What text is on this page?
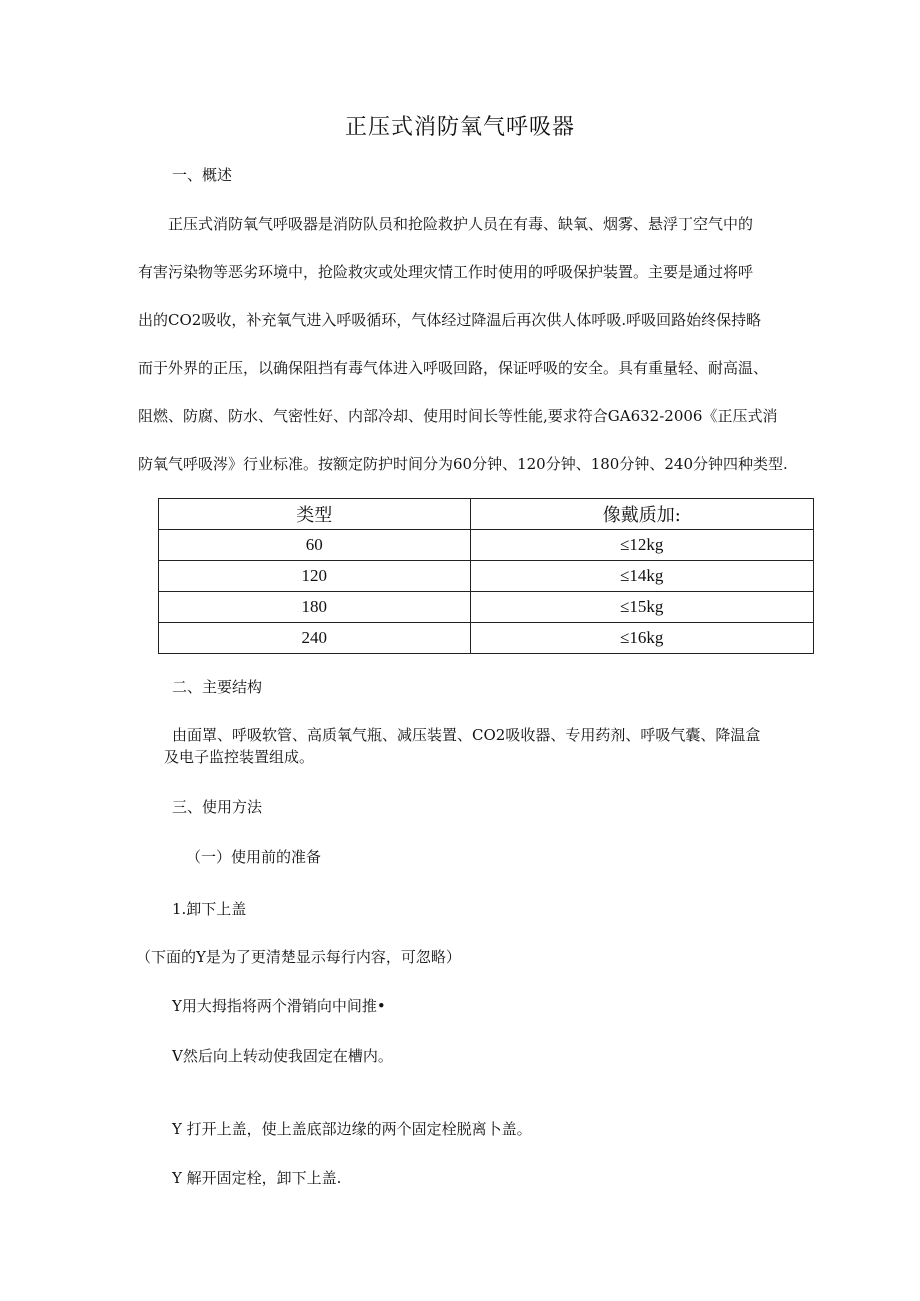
正压式消防氧气呼吸器
一、概述
正压式消防氧气呼吸器是消防队员和抢险救护人员在有毒、缺氧、烟雾、悬浮丁空气中的
有害污染物等恶劣环境中，抢险救灾或处理灾情工作时使用的呼吸保护装置。主要是通过将呼
出的CO2吸收，补充氧气进入呼吸循环，气体经过降温后再次供人体呼吸.呼吸回路始终保持略
而于外界的正压，以确保阻挡有毒气体进入呼吸回路，保证呼吸的安全。具有重量轻、耐高温、
阻燃、防腐、防水、气密性好、内部冷却、使用时间长等性能,要求符合GA632-2006《正压式消
防氧气呼吸涔》行业标准。按额定防护时间分为60分钟、120分钟、180分钟、240分钟四种类型.
类型	像戴质加:
60	≤12kg
120	≤14kg
180	≤15kg
240	≤16kg
二、主要结构
由面罩、呼吸软管、高质氧气瓶、减压装置、CO2吸收器、专用药剂、呼吸气囊、降温盒
及电子监控装置组成。
三、使用方法
（一）使用前的准备
1.卸下上盖
（下面的Y是为了更清楚显示每行内容，可忽略）
Y用大拇指将两个滑销向中间推•
V然后向上转动使我固定在槽内。
Y 打开上盖，使上盖底部边缘的两个固定栓脱离卜盖。
Y 解开固定栓，卸下上盖.
